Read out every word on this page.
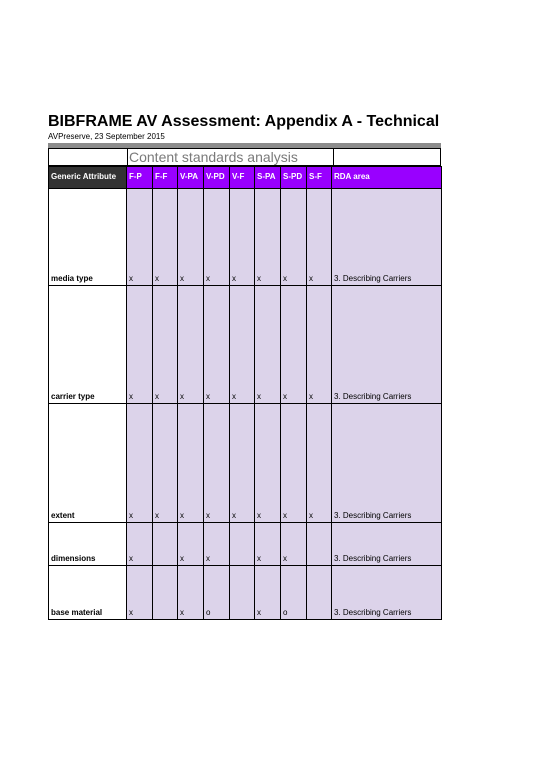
BIBFRAME AV Assessment: Appendix A - Technical
AVPreserve, 23 September 2015
Content standards analysis
Generic Attribute	F-P	F-F	V-PA	V-PD	V-F	S-PA	S-PD	S-F	RDA area
media type	x	x	x	x	x	x	x	x	3. Describing Carriers
carrier type	x	x	x	x	x	x	x	x	3. Describing Carriers
extent	x	x	x	x	x	x	x	x	3. Describing Carriers
dimensions	x		x	x		x	x		3. Describing Carriers
base material	x		x	o		x	o		3. Describing Carriers
